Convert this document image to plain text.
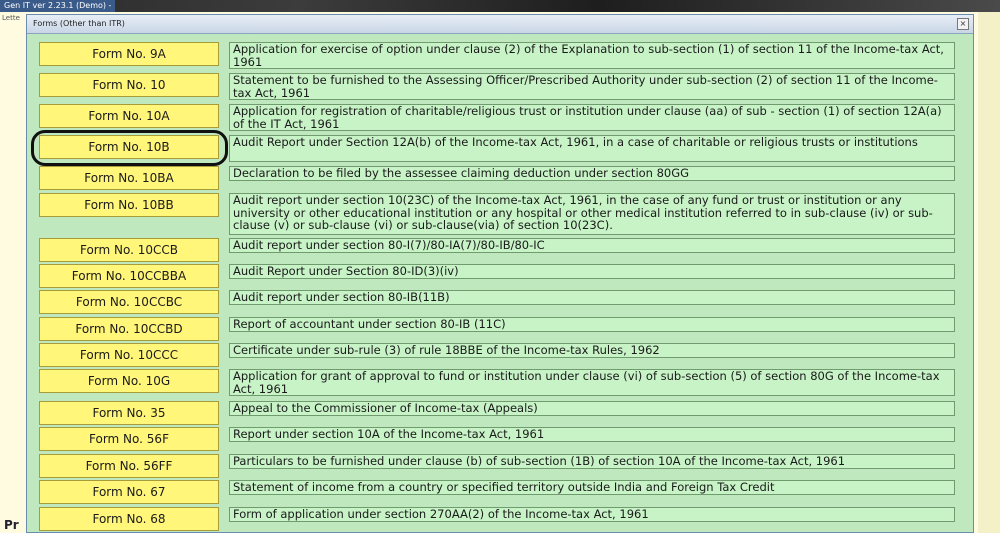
Gen IT ver 2.23.1 (Demo) -
Lette
Pr
Forms (Other than ITR)	×
Form No. 9A	Application for exercise of option under clause (2) of the Explanation to sub-section (1) of section 11 of the Income-tax Act, 1961
Form No. 10	Statement to be furnished to the Assessing Officer/Prescribed Authority under sub-section (2) of section 11 of the Income-tax Act, 1961
Form No. 10A	Application for registration of charitable/religious trust or institution under clause (aa) of sub - section (1) of section 12A(a) of the IT Act, 1961
Form No. 10B	Audit Report under Section 12A(b) of the Income-tax Act, 1961, in a case of charitable or religious trusts or institutions
Form No. 10BA	Declaration to be filed by the assessee claiming deduction under section 80GG
Form No. 10BB	Audit report under section 10(23C) of the Income-tax Act, 1961, in the case of any fund or trust or institution or any university or other educational institution or any hospital or other medical institution referred to in sub-clause (iv) or sub-clause (v) or sub-clause (vi) or sub-clause(via) of section 10(23C).
Form No. 10CCB	Audit report under section 80-I(7)/80-IA(7)/80-IB/80-IC
Form No. 10CCBBA	Audit Report under Section 80-ID(3)(iv)
Form No. 10CCBC	Audit report under section 80-IB(11B)
Form No. 10CCBD	Report of accountant under section 80-IB (11C)
Form No. 10CCC	Certificate under sub-rule (3) of rule 18BBE of the Income-tax Rules, 1962
Form No. 10G	Application for grant of approval to fund or institution under clause (vi) of sub-section (5) of section 80G of the Income-tax Act, 1961
Form No. 35	Appeal to the Commissioner of Income-tax (Appeals)
Form No. 56F	Report under section 10A of the Income-tax Act, 1961
Form No. 56FF	Particulars to be furnished under clause (b) of sub-section (1B) of section 10A of the Income-tax Act, 1961
Form No. 67	Statement of income from a country or specified territory outside India and Foreign Tax Credit
Form No. 68	Form of application under section 270AA(2) of the Income-tax Act, 1961
